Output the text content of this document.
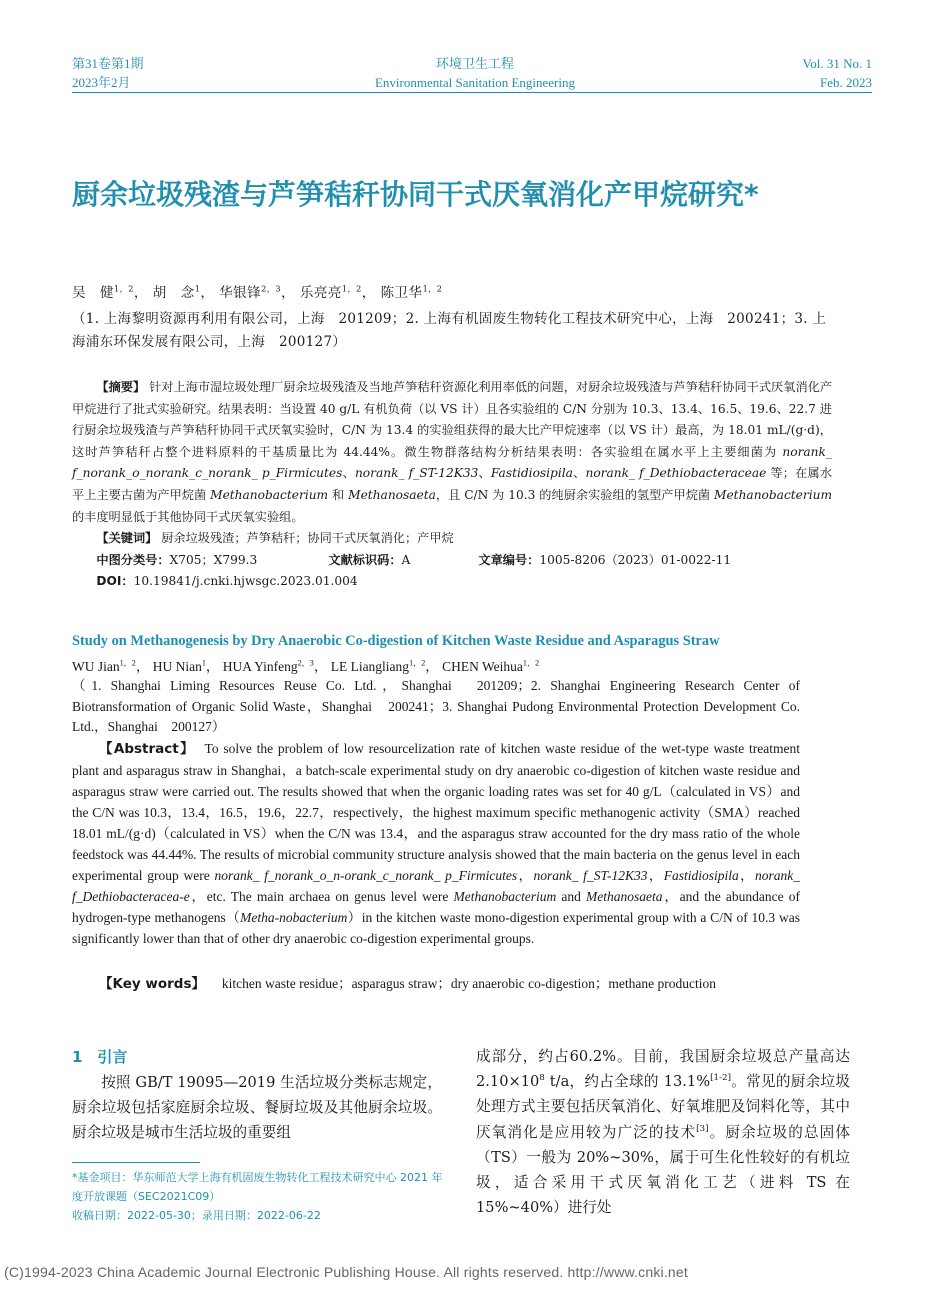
第31卷第1期
2023年2月
环境卫生工程
Environmental Sanitation Engineering
Vol. 31 No. 1
Feb. 2023
厨余垃圾残渣与芦笋秸秆协同干式厌氧消化产甲烷研究*
吴　健$^{1,2}$， 胡　念$^1$， 华银锋$^{2,3}$， 乐亮亮$^{1,2}$， 陈卫华$^{1,2}$
（1. 上海黎明资源再利用有限公司，上海　201209；2. 上海有机固废生物转化工程技术研究中心，上海　200241；3. 上海浦东环保发展有限公司，上海　200127）
【摘要】 针对上海市湿垃圾处理厂厨余垃圾残渣及当地芦笋秸秆资源化利用率低的问题，对厨余垃圾残渣与芦笋秸秆协同干式厌氧消化产甲烷进行了批式实验研究。结果表明：当设置 40 g/L 有机负荷（以 VS 计）且各实验组的 C/N 分别为 10.3、13.4、16.5、19.6、22.7 进行厨余垃圾残渣与芦笋秸秆协同干式厌氧实验时，C/N 为 13.4 的实验组获得的最大比产甲烷速率（以 VS 计）最高，为 18.01 mL/(g·d)，这时芦笋秸秆占整个进料原料的干基质量比为 44.44%。微生物群落结构分析结果表明：各实验组在属水平上主要细菌为 norank_ f_norank_o_norank_c_norank_ p_Firmicutes、norank_ f_ST-12K33、Fastidiosipila、norank_ f_Dethiobacteraceae 等；在属水平上主要古菌为产甲烷菌 Methanobacterium 和 Methanosaeta，且 C/N 为 10.3 的纯厨余实验组的氢型产甲烷菌 Methanobacterium 的丰度明显低于其他协同干式厌氧实验组。
【关键词】 厨余垃圾残渣；芦笋秸秆；协同干式厌氧消化；产甲烷
中图分类号：X705；X799.3	文献标识码：A	文章编号：1005-8206（2023）01-0022-11
DOI：10.19841/j.cnki.hjwsgc.2023.01.004
Study on Methanogenesis by Dry Anaerobic Co-digestion of Kitchen Waste Residue and Asparagus Straw
WU Jian$^{1,2}$， HU Nian$^1$， HUA Yinfeng$^{2,3}$， LE Liangliang$^{1,2}$， CHEN Weihua$^{1,2}$
（1. Shanghai Liming Resources Reuse Co. Ltd.，Shanghai　201209；2. Shanghai Engineering Research Center of Biotransformation of Organic Solid Waste，Shanghai　200241；3. Shanghai Pudong Environmental Protection Development Co. Ltd.，Shanghai　200127）
【Abstract】 To solve the problem of low resourcelization rate of kitchen waste residue of the wet-type waste treatment plant and asparagus straw in Shanghai，a batch-scale experimental study on dry anaerobic co-digestion of kitchen waste residue and asparagus straw were carried out. The results showed that when the organic loading rates was set for 40 g/L（calculated in VS）and the C/N was 10.3，13.4，16.5，19.6，22.7，respectively，the highest maximum specific methanogenic activity（SMA）reached 18.01 mL/(g·d)（calculated in VS）when the C/N was 13.4，and the asparagus straw accounted for the dry mass ratio of the whole feedstock was 44.44%. The results of microbial community structure analysis showed that the main bacteria on the genus level in each experimental group were norank_ f_norank_o_n-orank_c_norank_ p_Firmicutes，norank_ f_ST-12K33，Fastidiosipila，norank_ f_Dethiobacteracea-e，etc. The main archaea on genus level were Methanobacterium and Methanosaeta，and the abundance of hydrogen-type methanogens（Metha-nobacterium）in the kitchen waste mono-digestion experimental group with a C/N of 10.3 was significantly lower than that of other dry anaerobic co-digestion experimental groups.
【Key words】 kitchen waste residue；asparagus straw；dry anaerobic co-digestion；methane production
1　引言
按照 GB/T 19095—2019 生活垃圾分类标志规定，厨余垃圾包括家庭厨余垃圾、餐厨垃圾及其他厨余垃圾。厨余垃圾是城市生活垃圾的重要组
成部分，约占60.2%。目前，我国厨余垃圾总产量高达 $2.10\times 10^8$ t/a，约占全球的 13.1%[1-2]。常见的厨余垃圾处理方式主要包括厌氧消化、好氧堆肥及饲料化等，其中厌氧消化是应用较为广泛的技术[3]。厨余垃圾的总固体（TS）一般为 20%~30%，属于可生化性较好的有机垃圾，适合采用干式厌氧消化工艺（进料 TS 在 15%~40%）进行处
*基金项目：华东师范大学上海有机固废生物转化工程技术研究中心 2021 年度开放课题（SEC2021C09）
收稿日期：2022-05-30；录用日期：2022-06-22
(C)1994-2023 China Academic Journal Electronic Publishing House. All rights reserved. http://www.cnki.net
